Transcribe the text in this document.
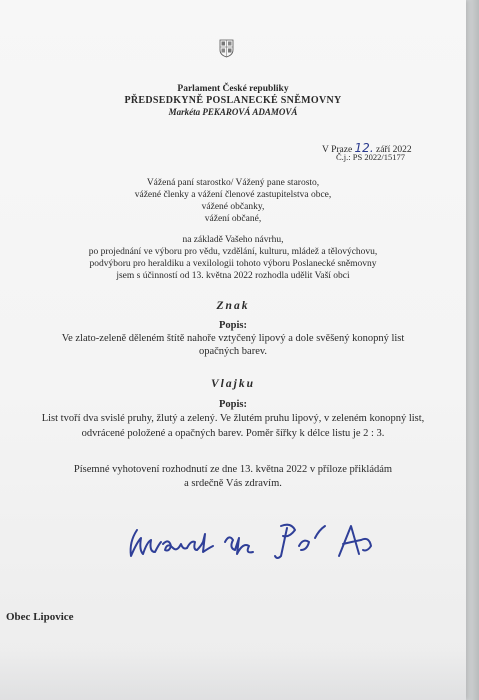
Parlament České republiky
PŘEDSEDKYNĚ POSLANECKÉ SNĚMOVNY
Markéta PEKAROVÁ ADAMOVÁ
V Praze 12. září 2022
Č.j.: PS 2022/15177
Vážená paní starostko/ Vážený pane starosto,
vážené členky a vážení členové zastupitelstva obce,
vážené občanky,
vážení občané,
na základě Vašeho návrhu,
po projednání ve výboru pro vědu, vzdělání, kulturu, mládež a tělovýchovu,
podvýboru pro heraldiku a vexilologii tohoto výboru Poslanecké sněmovny
jsem s účinností od 13. května 2022 rozhodla udělit Vaší obci
Znak
Popis:
Ve zlato-zeleně děleném štítě nahoře vztyčený lipový a dole svěšený konopný list
opačných barev.
Vlajku
Popis:
List tvoří dva svislé pruhy, žlutý a zelený. Ve žlutém pruhu lipový, v zeleném konopný list,
odvrácené položené a opačných barev. Poměr šířky k délce listu je 2 : 3.
Písemné vyhotovení rozhodnutí ze dne 13. května 2022 v příloze přikládám
a srdečně Vás zdravím.
Obec Lipovice
